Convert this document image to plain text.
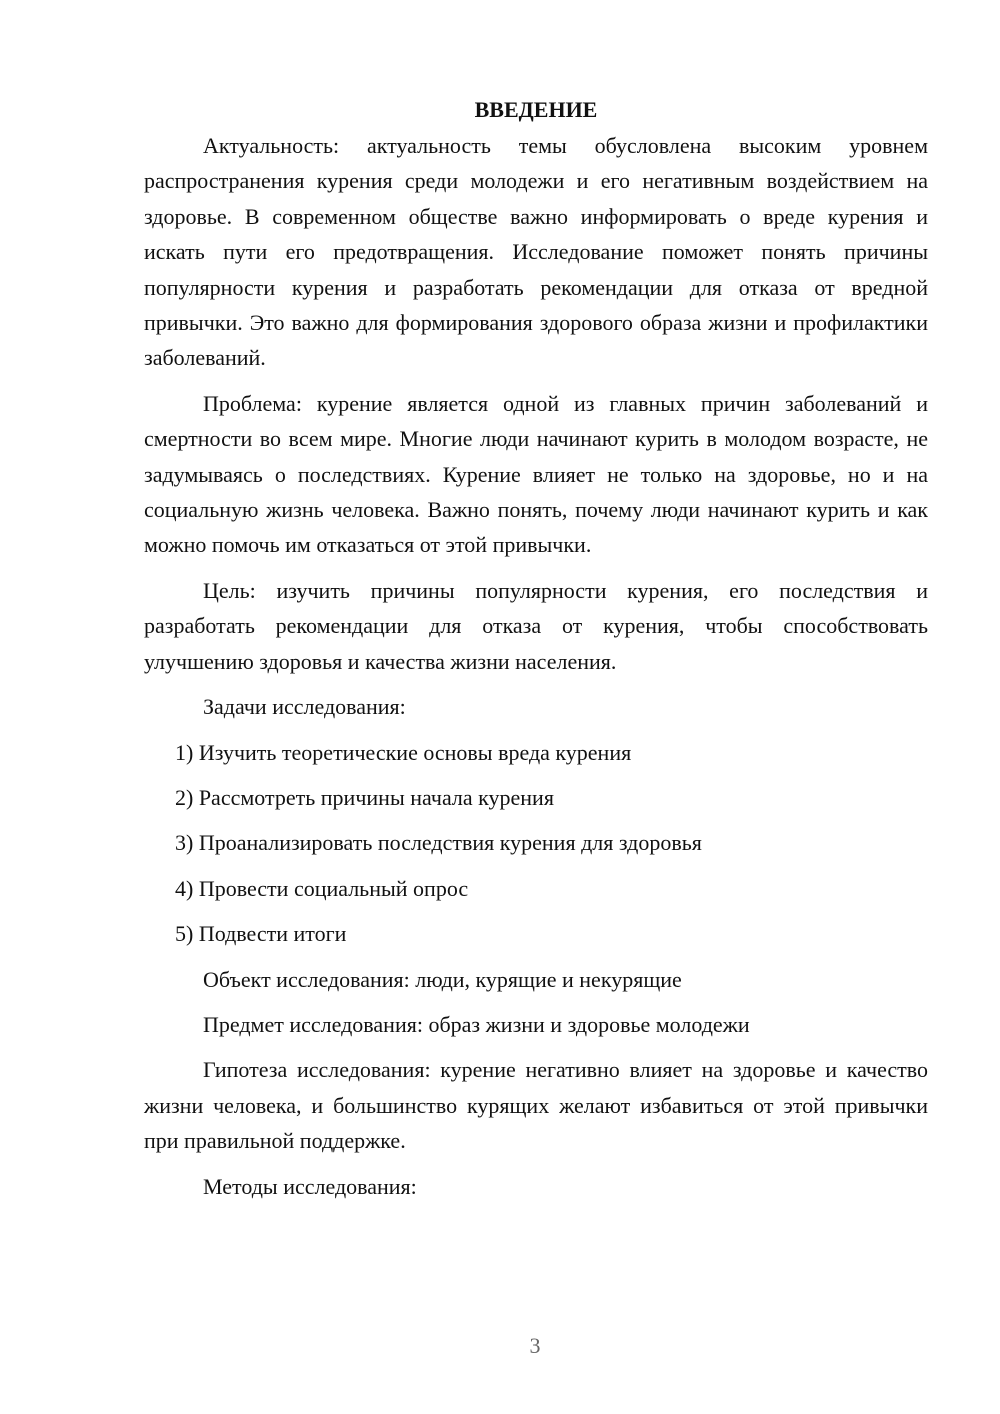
ВВЕДЕНИЕ

Актуальность: актуальность темы обусловлена высоким уровнем распространения курения среди молодежи и его негативным воздействием на здоровье. В современном обществе важно информировать о вреде курения и искать пути его предотвращения. Исследование поможет понять причины популярности курения и разработать рекомендации для отказа от вредной привычки. Это важно для формирования здорового образа жизни и профилактики заболеваний.

Проблема: курение является одной из главных причин заболеваний и смертности во всем мире. Многие люди начинают курить в молодом возрасте, не задумываясь о последствиях. Курение влияет не только на здоровье, но и на социальную жизнь человека. Важно понять, почему люди начинают курить и как можно помочь им отказаться от этой привычки.

Цель: изучить причины популярности курения, его последствия и разработать рекомендации для отказа от курения, чтобы способствовать улучшению здоровья и качества жизни населения.

Задачи исследования:

1) Изучить теоретические основы вреда курения
2) Рассмотреть причины начала курения
3) Проанализировать последствия курения для здоровья
4) Провести социальный опрос
5) Подвести итоги

Объект исследования: люди, курящие и некурящие

Предмет исследования: образ жизни и здоровье молодежи

Гипотеза исследования: курение негативно влияет на здоровье и качество жизни человека, и большинство курящих желают избавиться от этой привычки при правильной поддержке.

Методы исследования:

3
